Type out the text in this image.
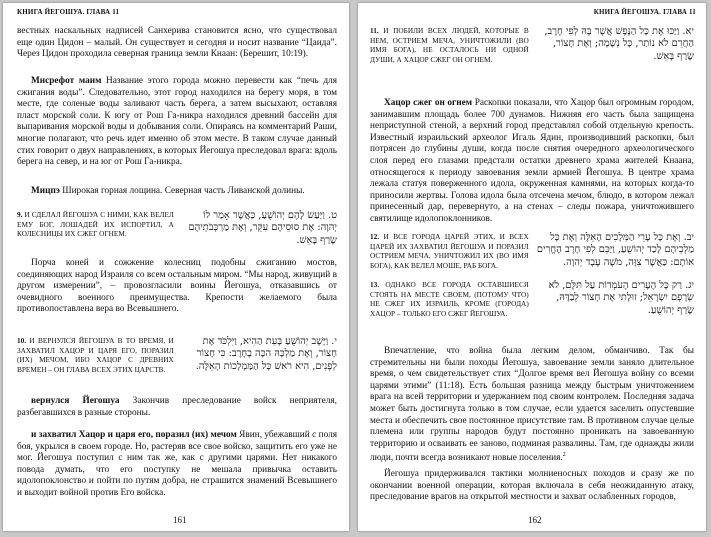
КНИГА ЙЕГОШУА. ГЛАВА 11
вестных наскальных надписей Санхерива становится ясно, что существовал еще один Цидон – малый. Он существует и сегодня и носит название “Цаида”. Через Цидон проходила северная граница земли Кнаан: (Берешит, 10:19).
Мисрефот маим Название этого города можно перевести как “печь для сжигания воды”. Следовательно, этот город находился на берегу моря, в том месте, где соленые воды заливают часть берега, а затем высыхают, оставляя пласт морской соли. К югу от Рош Га-никра находился древний бассейн для выпаривания морской воды и добывания соли. Опираясь на комментарий Раши, многие полагают, что речь идет именно об этом месте. В таком случае данный стих говорит о двух направлениях, в которых Йегошуа преследовал врага: вдоль берега на север, и на юг от Рош Га-никра.
Мицпэ Широкая горная лощина. Северная часть Ливанской долины.
9. И СДЕЛАЛ ЙЕГОШУА С НИМИ, КАК ВЕЛЕЛ ЕМУ БОГ, ЛОШАДЕЙ ИХ ИСПОРТИЛ, А КОЛЕСНИЦЫ ИХ СЖЕГ ОГНЕМ.
ט. וַיַּעַשׂ לָהֶם יְהוֹשֻׁעַ, כַּאֲשֶׁר אָמַר לוֹ יְהוָה: אֶת סוּסֵיהֶם עִקֵּר, וְאֶת מַרְכְּבֹתֵיהֶם שָׂרַף בָּאֵשׁ.
Порча коней и сожжение колесниц подобны сжиганию мостов, соединяющих народ Израиля со всем остальным миром. “Мы народ, живущий в другом измерении”, – провозгласили воины Йегошуа, отказавшись от очевидного военного преимущества. Крепости желаемого была противопоставлена вера во Всевышнего.
10. И ВЕРНУЛСЯ ЙЕГОШУА В ТО ВРЕМЯ, И ЗАХВАТИЛ ХАЦОР И ЦАРЯ ЕГО, ПОРАЗИЛ (ИХ) МЕЧОМ, ИБО ХАЦОР С ДРЕВНИХ ВРЕМЕН – ОН ГЛАВА ВСЕХ ЭТИХ ЦАРСТВ.
י. וַיָּשָׁב יְהוֹשֻׁעַ בָּעֵת הַהִיא, וַיִּלְכֹּד אֶת חָצוֹר, וְאֶת מַלְכָּהּ הִכָּה בֶחָרֶב: כִּי חָצוֹר לְפָנִים, הִיא רֹאשׁ כָּל הַמַּמְלָכוֹת הָאֵלֶּה.
вернулся Йегошуа Закончив преследование войск неприятеля, разбегавшихся в разные стороны.
и захватил Хацор и царя его, поразил (их) мечом Явин, убежавший с поля боя, укрылся в своем городе. Но, растеряв все свое войско, защитить его уже не мог. Йегошуа поступил с ним так же, как с другими царями. Нет никакого повода думать, что его поступку не мешала привычка оставить идолопоклонство и пойти по путям добра, не страшится знамений Всевышнего и выходит войной против Его войска.
161
КНИГА ЙЕГОШУА. ГЛАВА 11
11. И ПОБИЛИ ВСЕХ ЛЮДЕЙ, КОТОРЫЕ В НЕМ, ОСТРИЕМ МЕЧА, УНИЧТОЖИЛИ (ВО ИМЯ БОГА), НЕ ОСТАЛОСЬ НИ ОДНОЙ ДУШИ, А ХАЦОР СЖЕГ ОН ОГНЕМ.
יא. וַיַּכּוּ אֶת כָּל הַנֶּפֶשׁ אֲשֶׁר בָּהּ לְפִי חֶרֶב, הַחֲרֵם לֹא נוֹתַר, כָּל נְשָׁמָה; וְאֶת חָצוֹר, שָׂרַף בָּאֵשׁ.
Хацор сжег он огнем Раскопки показали, что Хацор был огромным городом, занимавшим площадь более 700 дунамов. Нижняя его часть была защищена неприступной стеной, а верхний город представлял собой отдельную крепость. Известный израильский археолог Игаль Ядин, производивший раскопки, был потрясен до глубины души, когда после снятия очередного археологического слоя перед его глазами предстали остатки древнего храма жителей Кнаана, относящегося к периоду завоевания земли армией Йегошуа. В центре храма лежала статуя поверженного идола, окруженная камнями, на которых когда-то приносили жертвы. Голова идола была отсечена мечом, блюдо, в котором лежал принесенный дар, перевернуто, а на стенах – следы пожара, уничтожившего святилище идолопоклонников.
12. И ВСЕ ГОРОДА ЦАРЕЙ ЭТИХ, И ВСЕХ ЦАРЕЙ ИХ ЗАХВАТИЛ ЙЕГОШУА И ПОРАЗИЛ ОСТРИЕМ МЕЧА, УНИЧТОЖИЛ ИХ (ВО ИМЯ БОГА), КАК ВЕЛЕЛ МОШЕ, РАБ БОГА.
יב. וְאֶת כָּל עָרֵי הַמְּלָכִים הָאֵלֶּה וְאֶת כָּל מַלְכֵיהֶם לָכַד יְהוֹשֻׁעַ, וַיַּכֵּם לְפִי חֶרֶב הֶחֱרִים אוֹתָם: כַּאֲשֶׁר צִוָּה, מֹשֶׁה עֶבֶד יְהוָה.
13. ОДНАКО ВСЕ ГОРОДА ОСТАВШИЕСЯ СТОЯТЬ НА МЕСТЕ СВОЕМ, (ПОТОМУ ЧТО) НЕ СЖЕГ ИХ ИЗРАИЛЬ, КРОМЕ (ГОРОДА) ХАЦОР – ТОЛЬКО ЕГО СЖЕГ ЙЕГОШУА.
יג. רַק כָּל הֶעָרִים הָעֹמְדוֹת עַל תִּלָּם, לֹא שְׂרָפָם יִשְׂרָאֵל; זוּלָתִי אֶת חָצוֹר לְבַדָּהּ, שָׂרַף יְהוֹשֻׁעַ.
Впечатление, что война была легким делом, обманчиво. Так бы стремительны ни были походы Йегошуа, завоевание земли заняло длительное время, о чем свидетельствует стих “Долгое время вел Йегошуа войну со всеми царями этими” (11:18). Есть большая разница между быстрым уничтожением врага на всей территории и удержанием под своим контролем. Последняя задача может быть достигнута только в том случае, если удается заселить опустевшие места и обеспечить свое постоянное присутствие там. В противном случае целые племена или группы народов будут постоянно проникать на завоеванную территорию и осваивать ее заново, подминая развалины. Там, где однажды жили люди, почти всегда возникают новые поселения.$^2$
Йегошуа придерживался тактики молниеносных походов и сразу же по окончании военной операции, которая включала в себя неожиданную атаку, преследование врагов на открытой местности и захват ослабленных городов,
162
